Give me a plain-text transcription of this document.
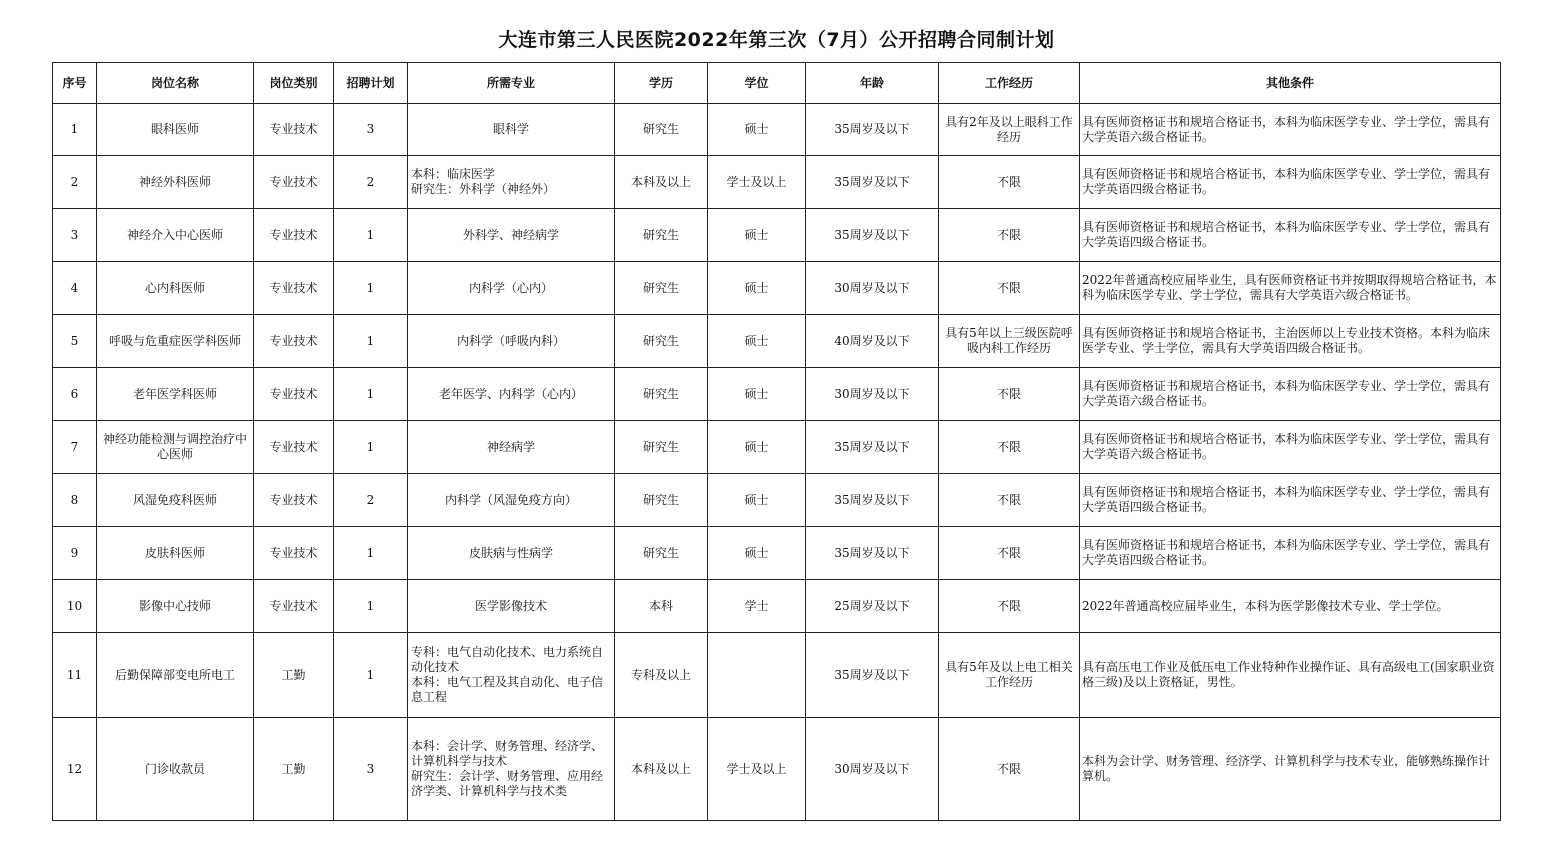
大连市第三人民医院2022年第三次（7月）公开招聘合同制计划
序号	岗位名称	岗位类别	招聘计划	所需专业	学历	学位	年龄	工作经历	其他条件
1	眼科医师	专业技术	3	眼科学	研究生	硕士	35周岁及以下	具有2年及以上眼科工作经历	具有医师资格证书和规培合格证书，本科为临床医学专业、学士学位，需具有大学英语六级合格证书。
2	神经外科医师	专业技术	2	本科：临床医学
研究生：外科学（神经外）	本科及以上	学士及以上	35周岁及以下	不限	具有医师资格证书和规培合格证书，本科为临床医学专业、学士学位，需具有大学英语四级合格证书。
3	神经介入中心医师	专业技术	1	外科学、神经病学	研究生	硕士	35周岁及以下	不限	具有医师资格证书和规培合格证书，本科为临床医学专业、学士学位，需具有大学英语四级合格证书。
4	心内科医师	专业技术	1	内科学（心内）	研究生	硕士	30周岁及以下	不限	2022年普通高校应届毕业生，具有医师资格证书并按期取得规培合格证书，本科为临床医学专业、学士学位，需具有大学英语六级合格证书。
5	呼吸与危重症医学科医师	专业技术	1	内科学（呼吸内科）	研究生	硕士	40周岁及以下	具有5年以上三级医院呼吸内科工作经历	具有医师资格证书和规培合格证书，主治医师以上专业技术资格。本科为临床医学专业、学士学位，需具有大学英语四级合格证书。
6	老年医学科医师	专业技术	1	老年医学、内科学（心内）	研究生	硕士	30周岁及以下	不限	具有医师资格证书和规培合格证书，本科为临床医学专业、学士学位，需具有大学英语六级合格证书。
7	神经功能检测与调控治疗中心医师	专业技术	1	神经病学	研究生	硕士	35周岁及以下	不限	具有医师资格证书和规培合格证书，本科为临床医学专业、学士学位，需具有大学英语六级合格证书。
8	风湿免疫科医师	专业技术	2	内科学（风湿免疫方向）	研究生	硕士	35周岁及以下	不限	具有医师资格证书和规培合格证书，本科为临床医学专业、学士学位，需具有大学英语四级合格证书。
9	皮肤科医师	专业技术	1	皮肤病与性病学	研究生	硕士	35周岁及以下	不限	具有医师资格证书和规培合格证书，本科为临床医学专业、学士学位，需具有大学英语四级合格证书。
10	影像中心技师	专业技术	1	医学影像技术	本科	学士	25周岁及以下	不限	2022年普通高校应届毕业生，本科为医学影像技术专业、学士学位。
11	后勤保障部变电所电工	工勤	1	专科：电气自动化技术、电力系统自动化技术
本科：电气工程及其自动化、电子信息工程	专科及以上		35周岁及以下	具有5年及以上电工相关工作经历	具有高压电工作业及低压电工作业特种作业操作证、具有高级电工(国家职业资格三级)及以上资格证，男性。
12	门诊收款员	工勤	3	本科：会计学、财务管理、经济学、计算机科学与技术
研究生：会计学、财务管理、应用经济学类、计算机科学与技术类	本科及以上	学士及以上	30周岁及以下	不限	本科为会计学、财务管理、经济学、计算机科学与技术专业，能够熟练操作计算机。
